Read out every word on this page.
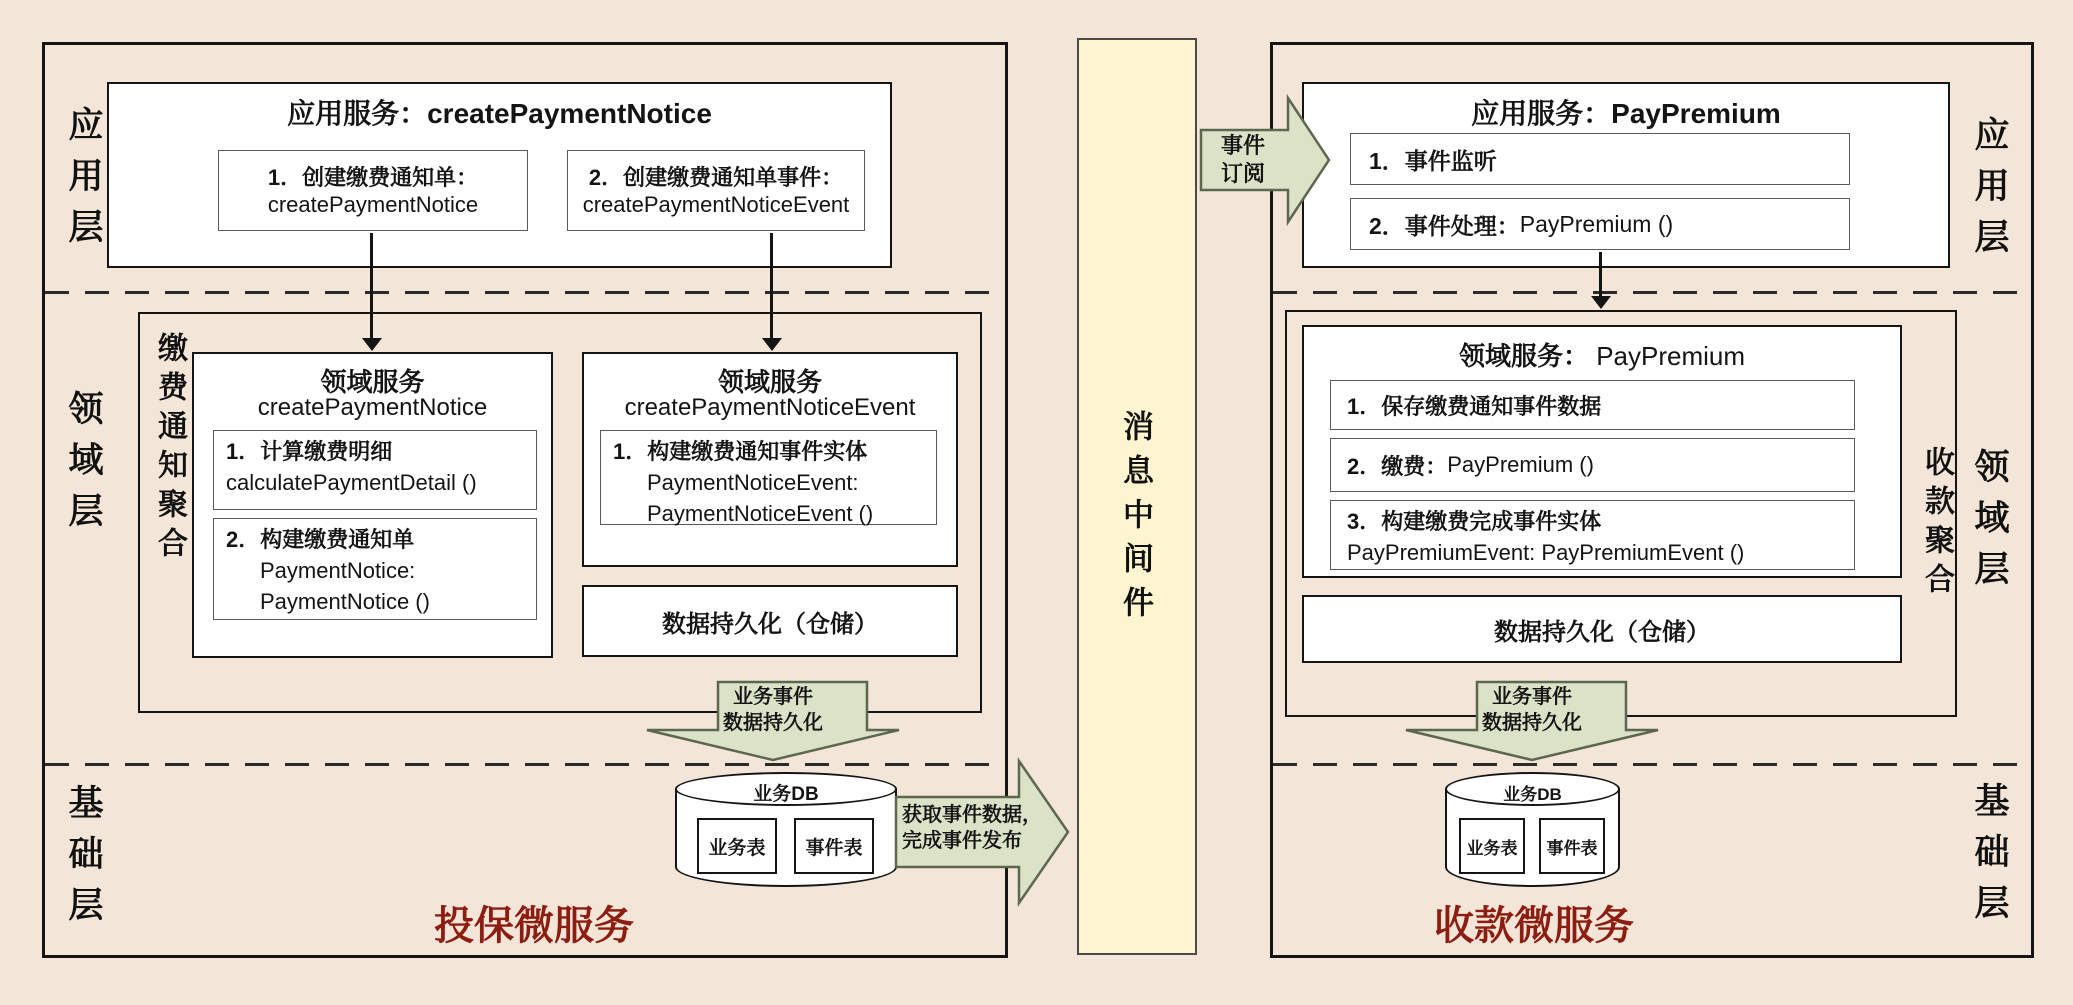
应用层
领域层
基础层
应用服务：createPaymentNotice
1．创建缴费通知单：
createPaymentNotice
2．创建缴费通知单事件：
createPaymentNoticeEvent
缴费通知聚合	领域服务
createPaymentNotice
1．计算缴费明细
calculatePaymentDetail ()
2．构建缴费通知单
PaymentNotice:
PaymentNotice ()
领域服务
createPaymentNoticeEvent
1．构建缴费通知事件实体
PaymentNoticeEvent:
PaymentNoticeEvent ()
数据持久化（仓储）
业务事件
数据持久化
业务DB
业务表	事件表
获取事件数据，
完成事件发布
投保微服务
消息中间件
事件
订阅	应用层
领域层
基础层
应用服务：PayPremium
1．事件监听
2．事件处理： PayPremium ()
收款聚合
领域服务： PayPremium
1．保存缴费通知事件数据
2．缴费： PayPremium ()
3．构建缴费完成事件实体
PayPremiumEvent: PayPremiumEvent ()
数据持久化（仓储）
业务事件
数据持久化
业务DB
业务表	事件表
收款微服务
